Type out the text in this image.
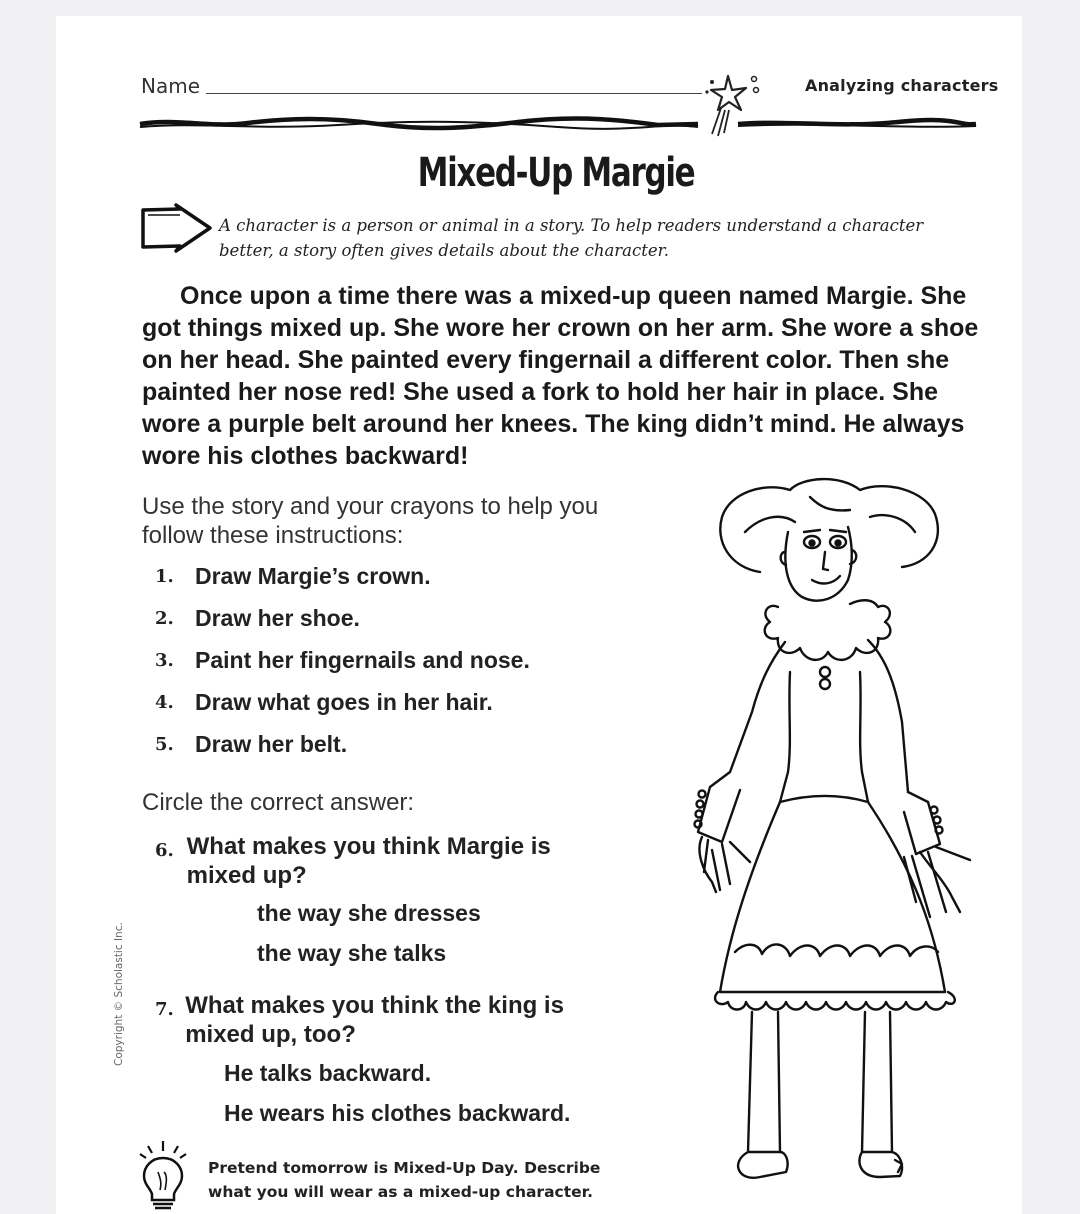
Name	Analyzing characters
Mixed-Up Margie
A character is a person or animal in a story. To help readers understand a character better, a story often gives details about the character.

Once upon a time there was a mixed-up queen named Margie. She got things mixed up. She wore her crown on her arm. She wore a shoe on her head. She painted every fingernail a different color. Then she painted her nose red! She used a fork to hold her hair in place. She wore a purple belt around her knees. The king didn’t mind. He always wore his clothes backward!

Use the story and your crayons to help you follow these instructions:
1. Draw Margie’s crown.
2. Draw her shoe.
3. Paint her fingernails and nose.
4. Draw what goes in her hair.
5. Draw her belt.
Circle the correct answer:
6. What makes you think Margie is mixed up?
the way she dresses
the way she talks
7. What makes you think the king is mixed up, too?
He talks backward.
He wears his clothes backward.
Copyright © Scholastic Inc.
Pretend tomorrow is Mixed-Up Day. Describe what you will wear as a mixed-up character.
